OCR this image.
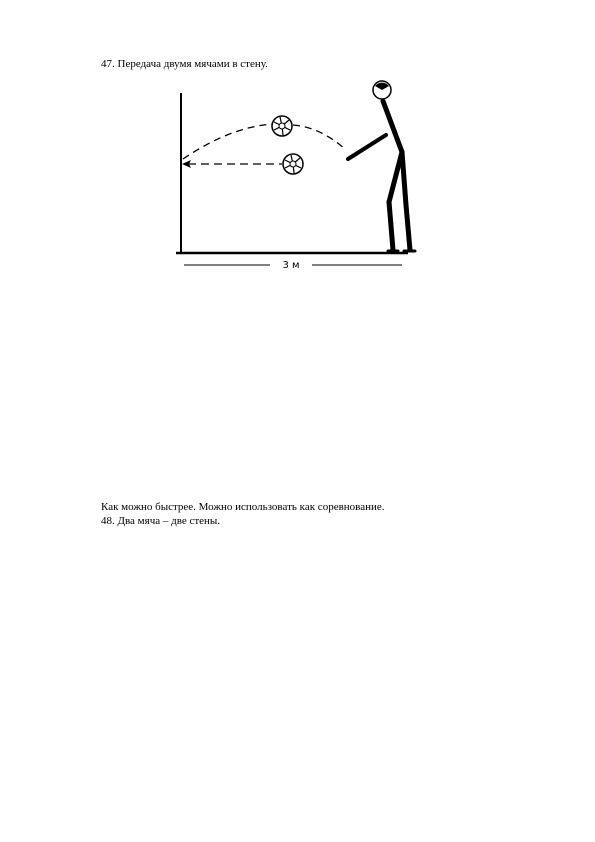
47. Передача двумя мячами в стену.
3 м
Как можно быстрее. Можно использовать как соревнование.
48. Два мяча – две стены.
